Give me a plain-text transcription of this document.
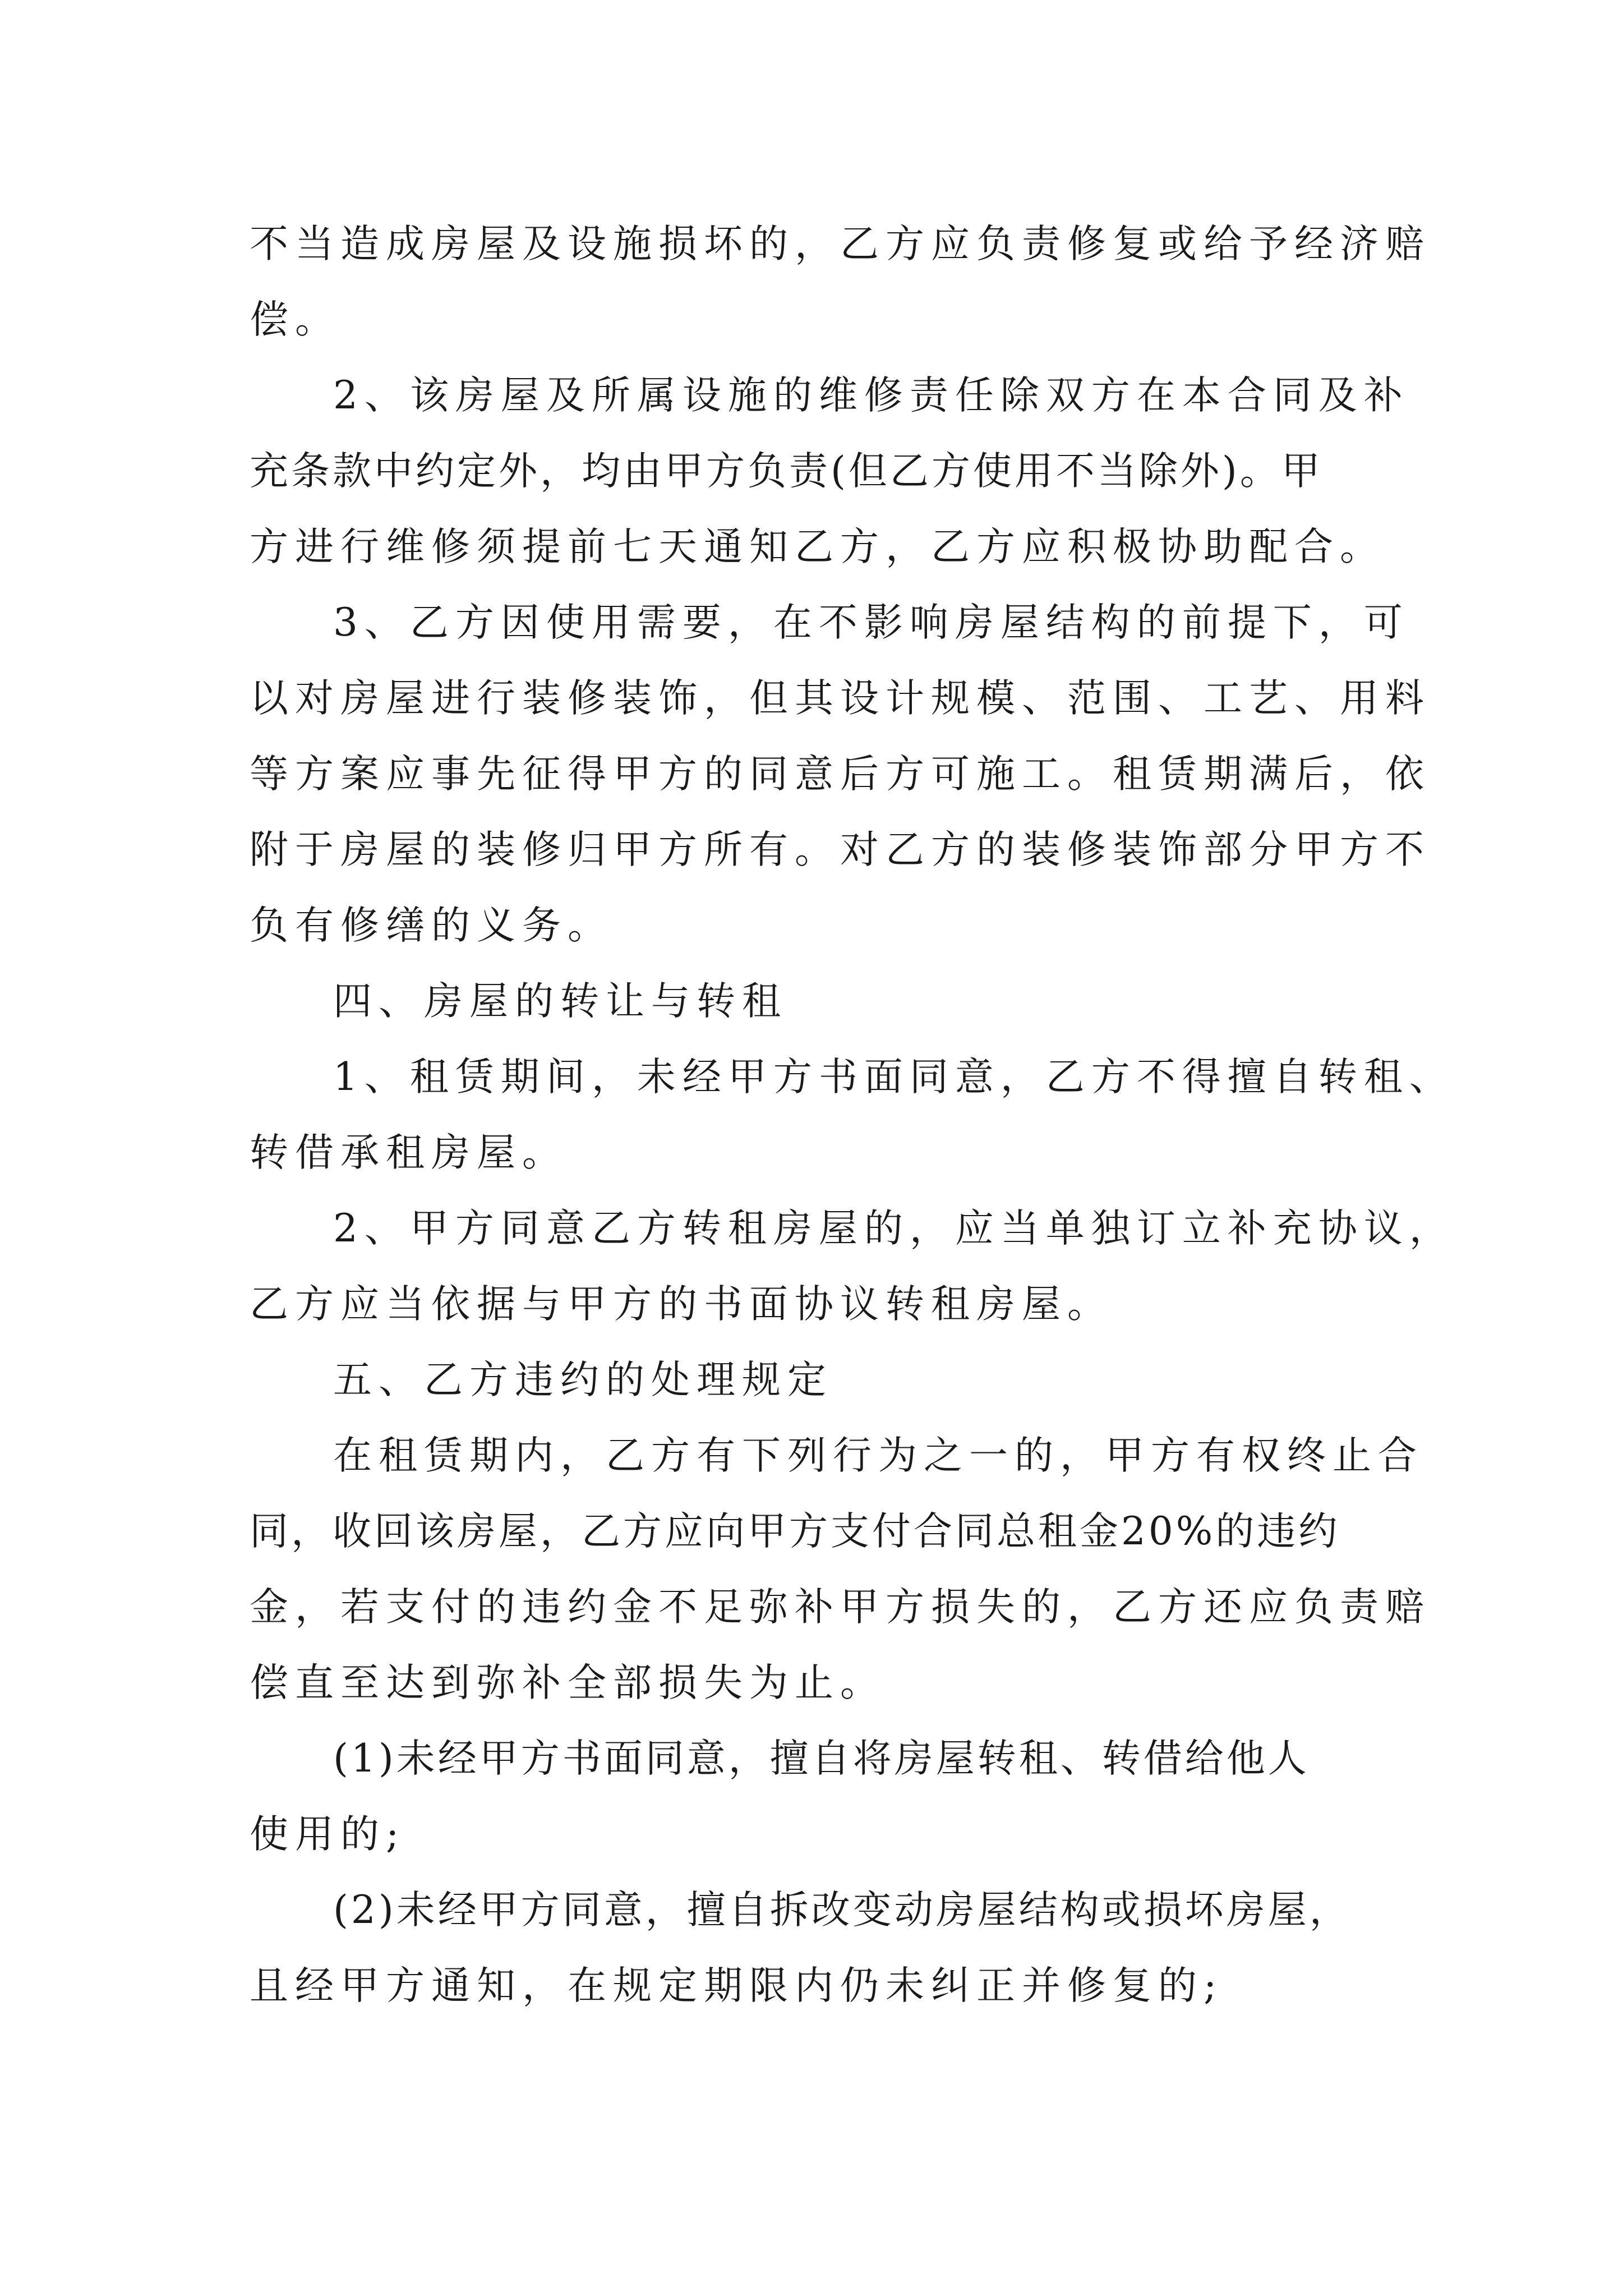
不当造成房屋及设施损坏的，乙方应负责修复或给予经济赔
偿。
2、该房屋及所属设施的维修责任除双方在本合同及补
充条款中约定外，均由甲方负责(但乙方使用不当除外)。甲
方进行维修须提前七天通知乙方，乙方应积极协助配合。
3、乙方因使用需要，在不影响房屋结构的前提下，可
以对房屋进行装修装饰，但其设计规模、范围、工艺、用料
等方案应事先征得甲方的同意后方可施工。租赁期满后，依
附于房屋的装修归甲方所有。对乙方的装修装饰部分甲方不
负有修缮的义务。
四、房屋的转让与转租
1、租赁期间，未经甲方书面同意，乙方不得擅自转租、
转借承租房屋。
2、甲方同意乙方转租房屋的，应当单独订立补充协议，
乙方应当依据与甲方的书面协议转租房屋。
五、乙方违约的处理规定
在租赁期内，乙方有下列行为之一的，甲方有权终止合
同，收回该房屋，乙方应向甲方支付合同总租金20%的违约
金，若支付的违约金不足弥补甲方损失的，乙方还应负责赔
偿直至达到弥补全部损失为止。
(1)未经甲方书面同意，擅自将房屋转租、转借给他人
使用的;
(2)未经甲方同意，擅自拆改变动房屋结构或损坏房屋，
且经甲方通知，在规定期限内仍未纠正并修复的;
